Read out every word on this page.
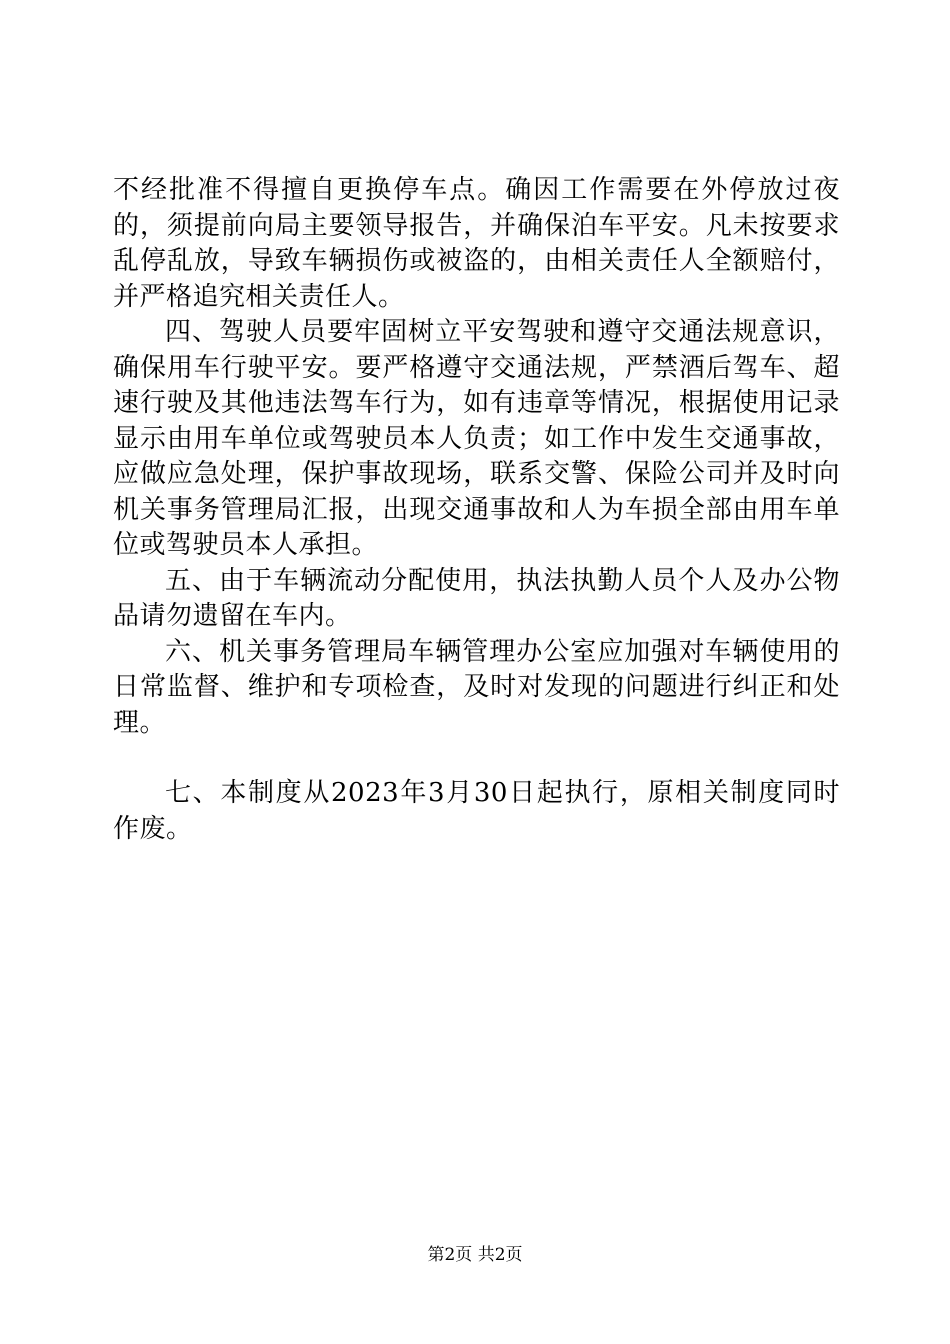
不经批准不得擅自更换停车点。确因工作需要在外停放过夜的，须提前向局主要领导报告，并确保泊车平安。凡未按要求乱停乱放，导致车辆损伤或被盗的，由相关责任人全额赔付，并严格追究相关责任人。

四、驾驶人员要牢固树立平安驾驶和遵守交通法规意识，确保用车行驶平安。要严格遵守交通法规，严禁酒后驾车、超速行驶及其他违法驾车行为，如有违章等情况，根据使用记录显示由用车单位或驾驶员本人负责；如工作中发生交通事故，应做应急处理，保护事故现场，联系交警、保险公司并及时向机关事务管理局汇报，出现交通事故和人为车损全部由用车单位或驾驶员本人承担。

五、由于车辆流动分配使用，执法执勤人员个人及办公物品请勿遗留在车内。

六、机关事务管理局车辆管理办公室应加强对车辆使用的日常监督、维护和专项检查，及时对发现的问题进行纠正和处理。

七、本制度从2023年3月30日起执行，原相关制度同时作废。

第2页 共2页
